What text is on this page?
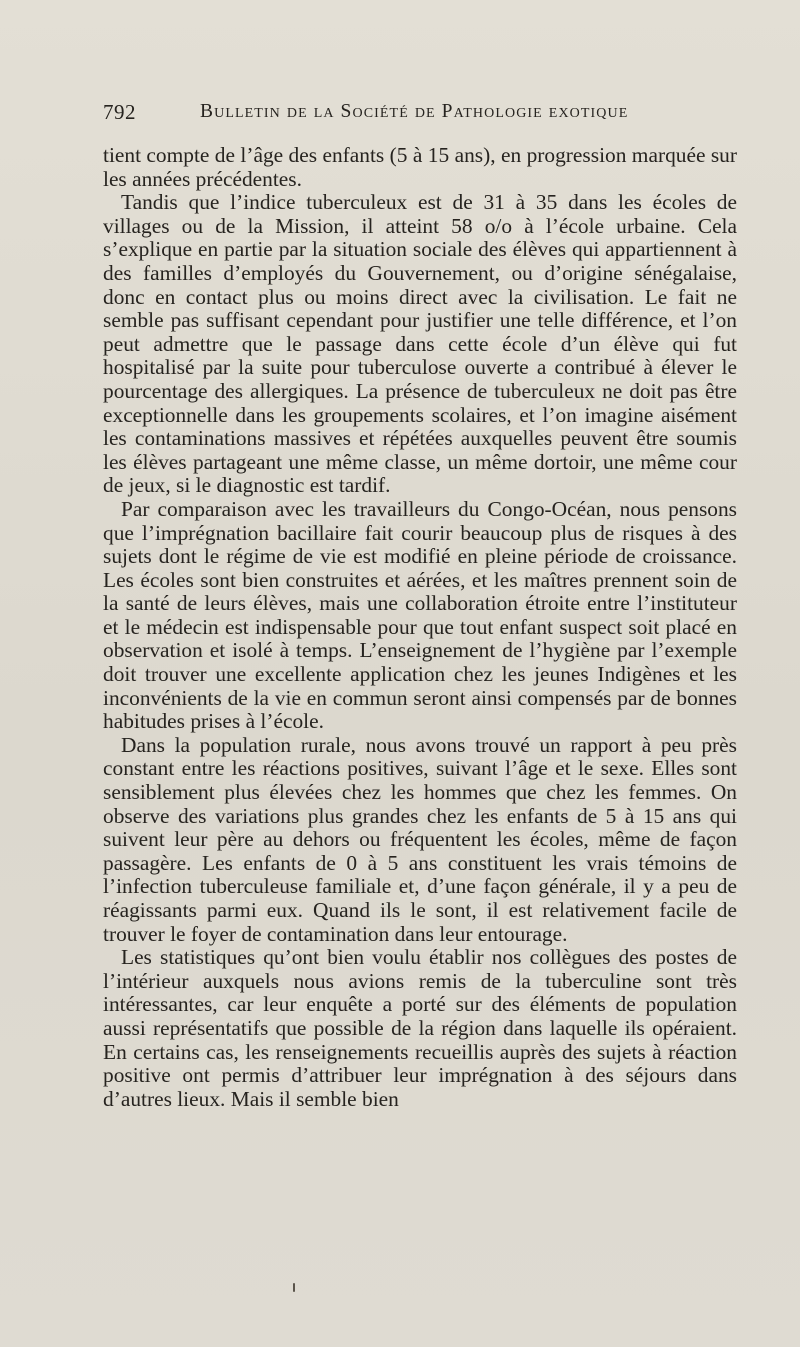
792	Bulletin de la Société de Pathologie exotique

tient compte de l’âge des enfants (5 à 15 ans), en progression marquée sur les années précédentes.

Tandis que l’indice tuberculeux est de 31 à 35 dans les écoles de villages ou de la Mission, il atteint 58 o/o à l’école urbaine. Cela s’explique en partie par la situation sociale des élèves qui appartiennent à des familles d’employés du Gouvernement, ou d’origine sénégalaise, donc en contact plus ou moins direct avec la civilisation. Le fait ne semble pas suffisant cependant pour justifier une telle différence, et l’on peut admettre que le passage dans cette école d’un élève qui fut hospitalisé par la suite pour tuberculose ouverte a contribué à élever le pourcentage des allergiques. La présence de tuberculeux ne doit pas être exceptionnelle dans les groupements scolaires, et l’on imagine aisément les contaminations massives et répétées auxquelles peuvent être soumis les élèves partageant une même classe, un même dortoir, une même cour de jeux, si le diagnostic est tardif.

Par comparaison avec les travailleurs du Congo-Océan, nous pensons que l’imprégnation bacillaire fait courir beaucoup plus de risques à des sujets dont le régime de vie est modifié en pleine période de croissance. Les écoles sont bien construites et aérées, et les maîtres prennent soin de la santé de leurs élèves, mais une collaboration étroite entre l’instituteur et le médecin est indispensable pour que tout enfant suspect soit placé en observation et isolé à temps. L’enseignement de l’hygiène par l’exemple doit trouver une excellente application chez les jeunes Indigènes et les inconvénients de la vie en commun seront ainsi compensés par de bonnes habitudes prises à l’école.

Dans la population rurale, nous avons trouvé un rapport à peu près constant entre les réactions positives, suivant l’âge et le sexe. Elles sont sensiblement plus élevées chez les hommes que chez les femmes. On observe des variations plus grandes chez les enfants de 5 à 15 ans qui suivent leur père au dehors ou fréquentent les écoles, même de façon passagère. Les enfants de 0 à 5 ans constituent les vrais témoins de l’infection tuberculeuse familiale et, d’une façon générale, il y a peu de réagissants parmi eux. Quand ils le sont, il est relativement facile de trouver le foyer de contamination dans leur entourage.

Les statistiques qu’ont bien voulu établir nos collègues des postes de l’intérieur auxquels nous avions remis de la tuberculine sont très intéressantes, car leur enquête a porté sur des éléments de population aussi représentatifs que possible de la région dans laquelle ils opéraient. En certains cas, les renseignements recueillis auprès des sujets à réaction positive ont permis d’attribuer leur imprégnation à des séjours dans d’autres lieux. Mais il semble bien
